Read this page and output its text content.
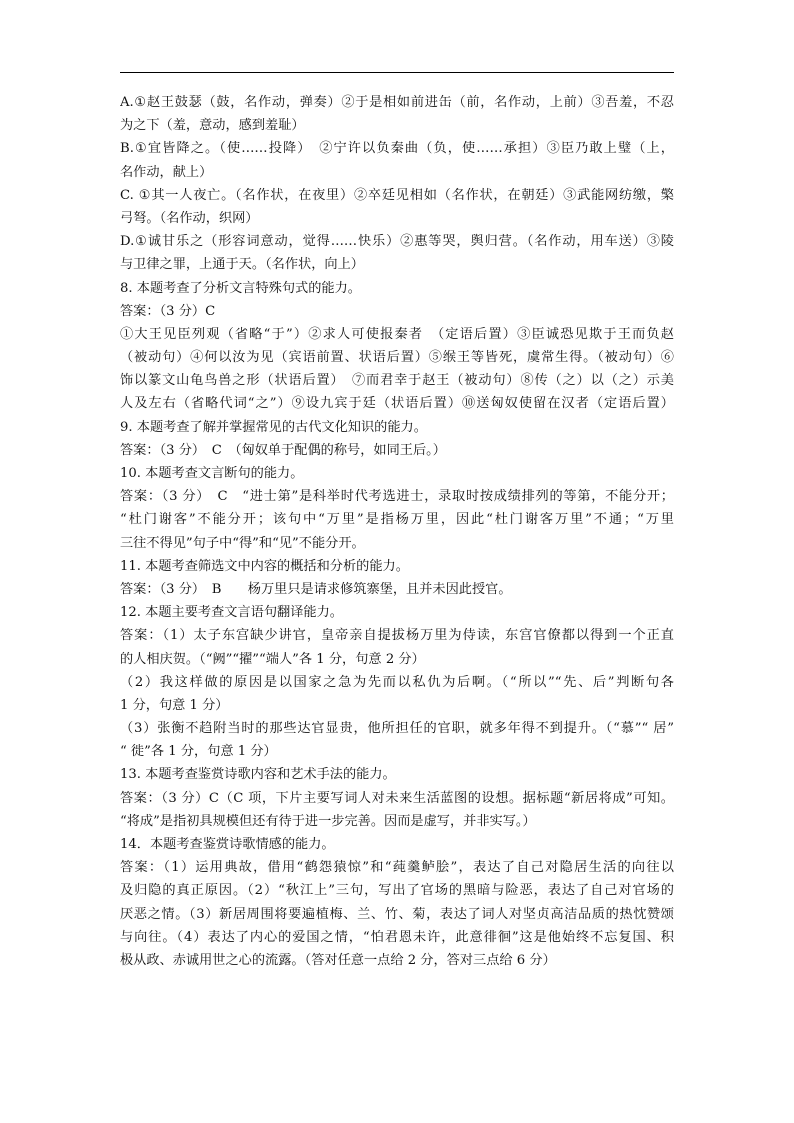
A.①赵王鼓瑟（鼓，名作动，弹奏）②于是相如前进缶（前，名作动，上前）③吾羞，不忍
为之下（羞，意动，感到羞耻）
B.①宜皆降之。（使……投降）　②宁许以负秦曲（负，使……承担）③臣乃敢上璧（上，
名作动，献上）
C. ①其一人夜亡。（名作状，在夜里）②卒廷见相如（名作状，在朝廷）③武能网纺缴，檠
弓弩。（名作动，织网）
D.①诚甘乐之（形容词意动，觉得……快乐）②惠等哭，舆归营。（名作动，用车送）③陵
与卫律之罪，上通于天。（名作状，向上）
8. 本题考查了分析文言特殊句式的能力。
答案：（3 分）C
①大王见臣列观（省略“于”）②求人可使报秦者　（定语后置）③臣诚恐见欺于王而负赵
（被动句）④何以汝为见（宾语前置、状语后置）⑤缑王等皆死，虞常生得。（被动句）⑥
饰以篆文山龟鸟兽之形（状语后置）　⑦而君幸于赵王（被动句）⑧传（之）以（之）示美
人及左右（省略代词“之”）⑨设九宾于廷（状语后置）⑩送匈奴使留在汉者（定语后置）
9. 本题考查了解并掌握常见的古代文化知识的能力。
答案：（3 分）　C　（匈奴单于配偶的称号，如同王后。）
10. 本题考查文言断句的能力。
答案：（3 分）　C　“进士第”是科举时代考选进士，录取时按成绩排列的等第，不能分开；
“杜门谢客”不能分开；该句中“万里”是指杨万里，因此“杜门谢客万里”不通；“万里
三往不得见”句子中“得”和“见”不能分开。
11. 本题考查筛选文中内容的概括和分析的能力。
答案：（3 分）　B　　杨万里只是请求修筑寨堡，且并未因此授官。
12. 本题主要考查文言语句翻译能力。
答案：（1）太子东宫缺少讲官，皇帝亲自提拔杨万里为侍读，东宫官僚都以得到一个正直
的人相庆贺。（“阙”“擢”“端人”各 1 分，句意 2 分）
（2）我这样做的原因是以国家之急为先而以私仇为后啊。（“所以”“先、后”判断句各
1 分，句意 1 分）
（3）张衡不趋附当时的那些达官显贵，他所担任的官职，就多年得不到提升。（“慕”“ 居”
“ 徙”各 1 分，句意 1 分）
13. 本题考查鉴赏诗歌内容和艺术手法的能力。
答案：（3 分）C（C 项，下片主要写词人对未来生活蓝图的设想。据标题“新居将成”可知。
“将成”是指初具规模但还有待于进一步完善。因而是虚写，并非实写。）
14．本题考查鉴赏诗歌情感的能力。
答案：（1）运用典故，借用“鹤怨猿惊”和“莼羹鲈脍”，表达了自己对隐居生活的向往以
及归隐的真正原因。（2）“秋江上”三句，写出了官场的黑暗与险恶，表达了自己对官场的
厌恶之情。（3）新居周围将要遍植梅、兰、竹、菊，表达了词人对坚贞高洁品质的热忱赞颂
与向往。（4）表达了内心的爱国之情，“怕君恩未许，此意徘徊”这是他始终不忘复国、积
极从政、赤诚用世之心的流露。（答对任意一点给 2 分，答对三点给 6 分）
